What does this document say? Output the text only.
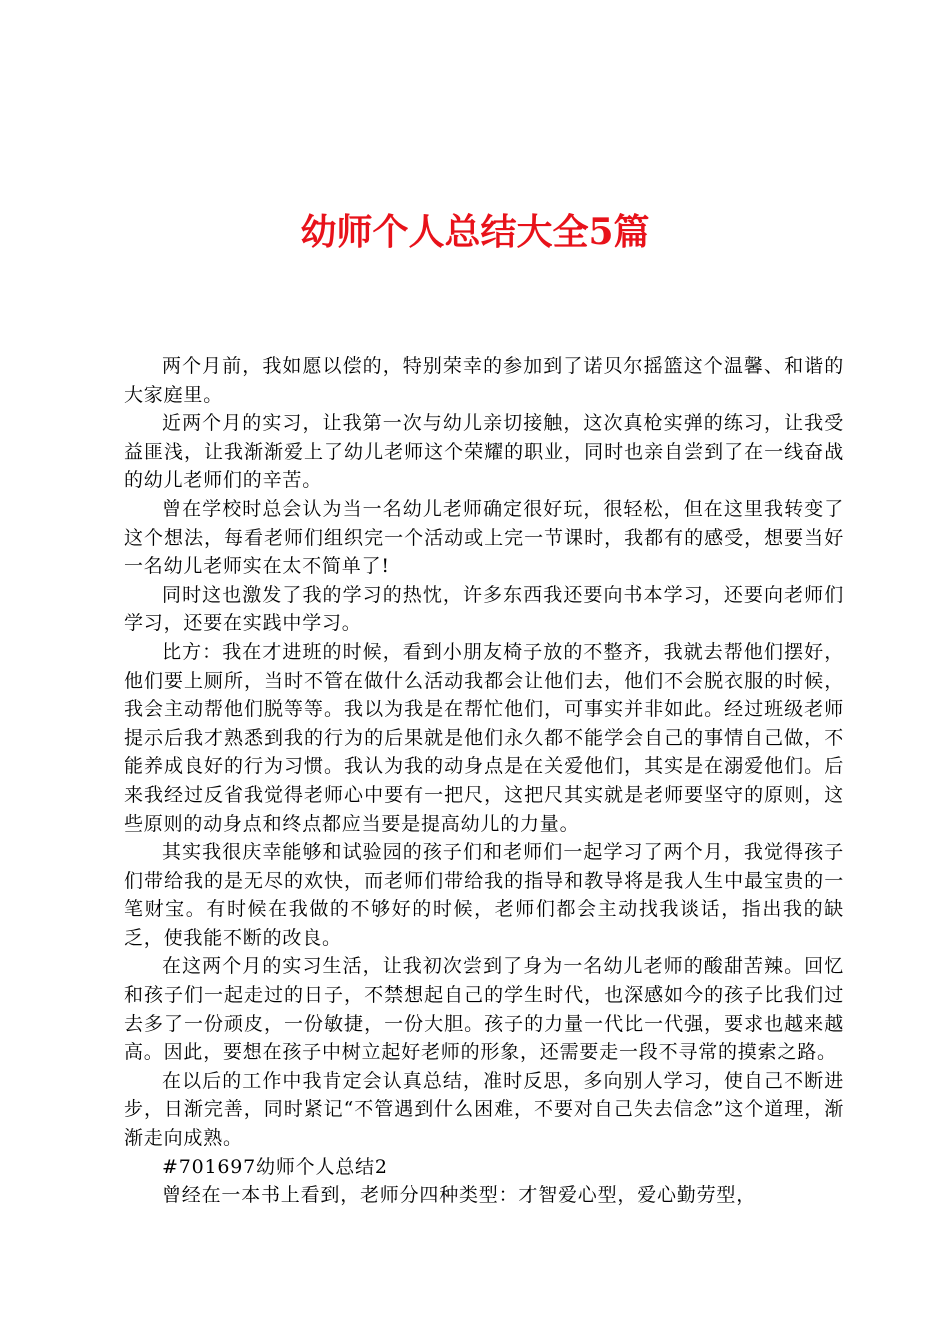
幼师个人总结大全5篇

两个月前，我如愿以偿的，特别荣幸的参加到了诺贝尔摇篮这个温馨、和谐的大家庭里。

近两个月的实习，让我第一次与幼儿亲切接触，这次真枪实弹的练习，让我受益匪浅，让我渐渐爱上了幼儿老师这个荣耀的职业，同时也亲自尝到了在一线奋战的幼儿老师们的辛苦。

曾在学校时总会认为当一名幼儿老师确定很好玩，很轻松，但在这里我转变了这个想法，每看老师们组织完一个活动或上完一节课时，我都有的感受，想要当好一名幼儿老师实在太不简单了!

同时这也激发了我的学习的热忱，许多东西我还要向书本学习，还要向老师们学习，还要在实践中学习。

比方：我在才进班的时候，看到小朋友椅子放的不整齐，我就去帮他们摆好，他们要上厕所，当时不管在做什么活动我都会让他们去，他们不会脱衣服的时候，我会主动帮他们脱等等。我以为我是在帮忙他们，可事实并非如此。经过班级老师提示后我才熟悉到我的行为的后果就是他们永久都不能学会自己的事情自己做，不能养成良好的行为习惯。我认为我的动身点是在关爱他们，其实是在溺爱他们。后来我经过反省我觉得老师心中要有一把尺，这把尺其实就是老师要坚守的原则，这些原则的动身点和终点都应当要是提高幼儿的力量。

其实我很庆幸能够和试验园的孩子们和老师们一起学习了两个月，我觉得孩子们带给我的是无尽的欢快，而老师们带给我的指导和教导将是我人生中最宝贵的一笔财宝。有时候在我做的不够好的时候，老师们都会主动找我谈话，指出我的缺乏，使我能不断的改良。

在这两个月的实习生活，让我初次尝到了身为一名幼儿老师的酸甜苦辣。回忆和孩子们一起走过的日子，不禁想起自己的学生时代，也深感如今的孩子比我们过去多了一份顽皮，一份敏捷，一份大胆。孩子的力量一代比一代强，要求也越来越高。因此，要想在孩子中树立起好老师的形象，还需要走一段不寻常的摸索之路。

在以后的工作中我肯定会认真总结，准时反思，多向别人学习，使自己不断进步，日渐完善，同时紧记“不管遇到什么困难，不要对自己失去信念”这个道理，渐渐走向成熟。

#701697幼师个人总结2

曾经在一本书上看到，老师分四种类型：才智爱心型，爱心勤劳型，
